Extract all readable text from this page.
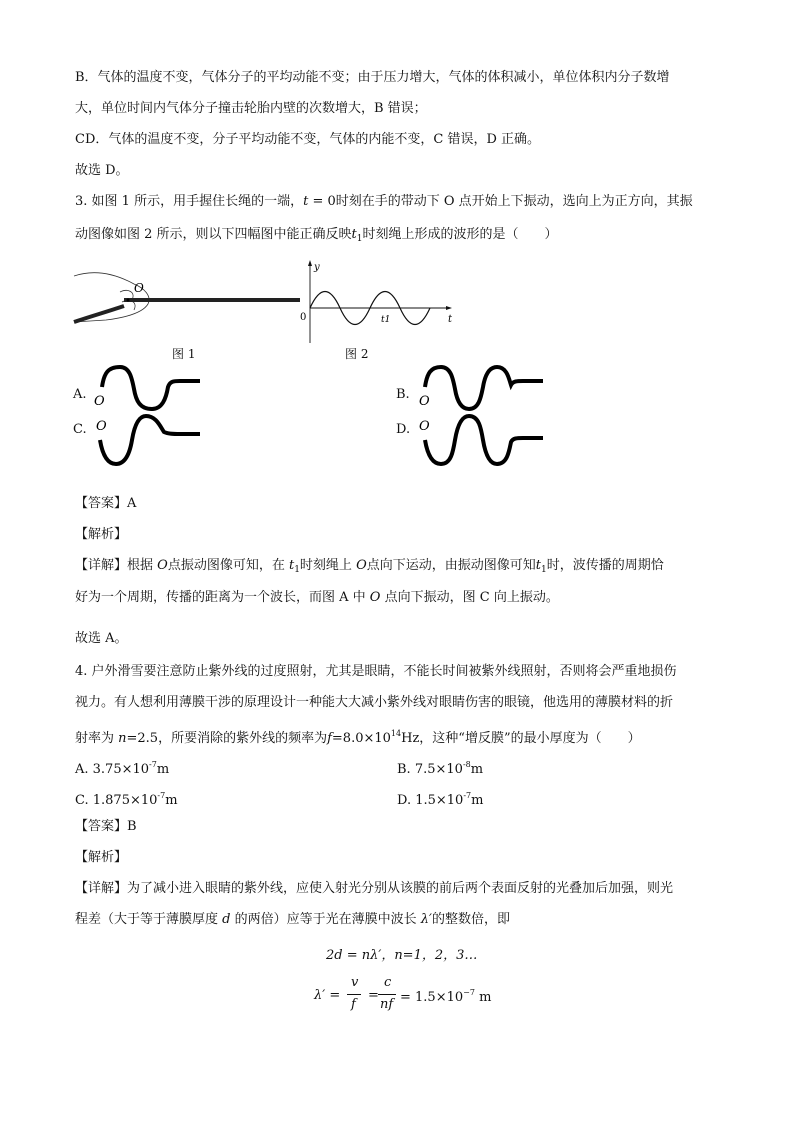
B．气体的温度不变，气体分子的平均动能不变；由于压力增大，气体的体积减小，单位体积内分子数增
大，单位时间内气体分子撞击轮胎内壁的次数增大，B 错误；
CD．气体的温度不变，分子平均动能不变，气体的内能不变，C 错误，D 正确。
故选 D。
3. 如图 1 所示，用手握住长绳的一端，t = 0时刻在手的带动下 O 点开始上下振动，选向上为正方向，其振
动图像如图 2 所示，则以下四幅图中能正确反映$t_1$时刻绳上形成的波形的是（　　）
O
图 1
y
t
0	t1
图 2
A. O	B. O
C. O	D. O
【答案】A
【解析】
【详解】根据 O点振动图像可知，在 $t_1$时刻绳上 O点向下运动，由振动图像可知$t_1$时，波传播的周期恰
好为一个周期，传播的距离为一个波长，而图 A 中 O 点向下振动，图 C 向上振动。
故选 A。
4. 户外滑雪要注意防止紫外线的过度照射，尤其是眼睛，不能长时间被紫外线照射，否则将会严重地损伤
视力。有人想利用薄膜干涉的原理设计一种能大大减小紫外线对眼睛伤害的眼镜，他选用的薄膜材料的折
射率为 n=2.5，所要消除的紫外线的频率为$f=8.0\times 10^{14}Hz$，这种“增反膜”的最小厚度为（　　）
A. $3.75\times 10^{-7}m$	B. $7.5\times 10^{-8}m$
C. $1.875\times 10^{-7}m$	D. $1.5\times 10^{-7}m$
【答案】B
【解析】
【详解】为了减小进入眼睛的紫外线，应使入射光分别从该膜的前后两个表面反射的光叠加后加强，则光
程差（大于等于薄膜厚度 d 的两倍）应等于光在薄膜中波长 λ′的整数倍，即
2d = nλ′，n=1，2，3…
λ′ =
v
f
=
c
nf = $1.5\times 10^{-7}$ m
